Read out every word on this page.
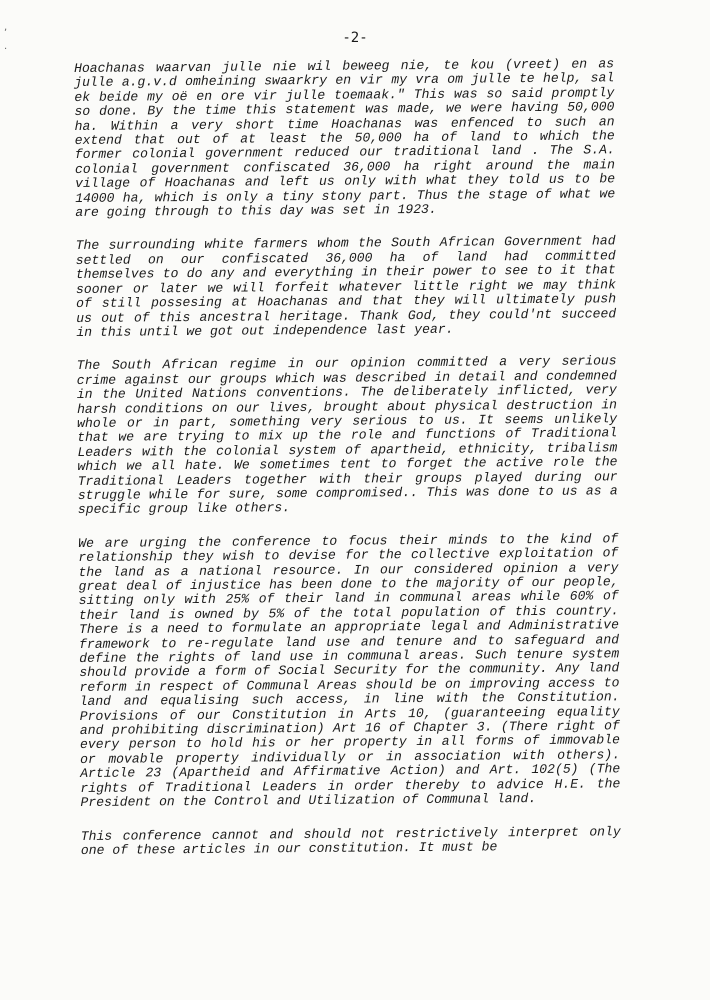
,
·
-2-

Hoachanas waarvan julle nie wil beweeg nie, te kou (vreet) en as julle a.g.v.d omheining swaarkry en vir my vra om julle te help, sal ek beide my oë en ore vir julle toemaak." This was so said promptly so done. By the time this statement was made, we were having 50,000 ha. Within a very short time Hoachanas was enfenced to such an extend that out of at least the 50,000 ha of land to which the former colonial government reduced our traditional land . The S.A. colonial government confiscated 36,000 ha right around the main village of Hoachanas and left us only with what they told us to be 14000 ha, which is only a tiny stony part. Thus the stage of what we are going through to this day was set in 1923.

The surrounding white farmers whom the South African Government had settled on our confiscated 36,000 ha of land had committed themselves to do any and everything in their power to see to it that sooner or later we will forfeit whatever little right we may think of still possesing at Hoachanas and that they will ultimately push us out of this ancestral heritage. Thank God, they could'nt succeed in this until we got out independence last year.

The South African regime in our opinion committed a very serious crime against our groups which was described in detail and condemned in the United Nations conventions. The deliberately inflicted, very harsh conditions on our lives, brought about physical destruction in whole or in part, something very serious to us. It seems unlikely that we are trying to mix up the role and functions of Traditional Leaders with the colonial system of apartheid, ethnicity, tribalism which we all hate. We sometimes tent to forget the active role the Traditional Leaders together with their groups played during our struggle while for sure, some compromised.. This was done to us as a specific group like others.

We are urging the conference to focus their minds to the kind of relationship they wish to devise for the collective exploitation of the land as a national resource. In our considered opinion a very great deal of injustice has been done to the majority of our people, sitting only with 25% of their land in communal areas while 60% of their land is owned by 5% of the total population of this country. There is a need to formulate an appropriate legal and Administrative framework to re-regulate land use and tenure and to safeguard and define the rights of land use in communal areas. Such tenure system should provide a form of Social Security for the community. Any land reform in respect of Communal Areas should be on improving access to land and equalising such access, in line with the Constitution. Provisions of our Constitution in Arts 10, (guaranteeing equality and prohibiting discrimination) Art 16 of Chapter 3. (There right of every person to hold his or her property in all forms of immovable or movable property individually or in association with others). Article 23 (Apartheid and Affirmative Action) and Art. 102(5) (The rights of Traditional Leaders in order thereby to advice H.E. the President on the Control and Utilization of Communal land.

This conference cannot and should not restrictively interpret only one of these articles in our constitution. It must be
